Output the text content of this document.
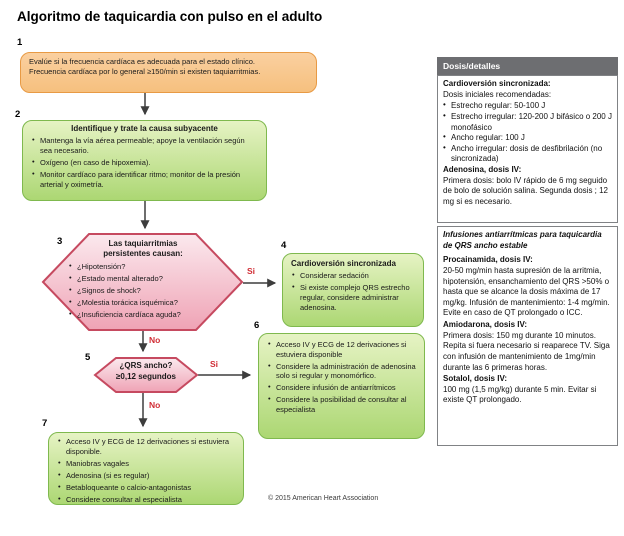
Algoritmo de taquicardia con pulso en el adulto
1
2
3	4
5
6
7
Evalúe si la frecuencia cardíaca es adecuada para el estado clínico.
Frecuencia cardíaca por lo general ≥150/min si existen taquiarritmias.
Identifique y trate la causa subyacente
• Mantenga la vía aérea permeable; apoye la ventilación según sea necesario.
• Oxígeno (en caso de hipoxemia).
• Monitor cardíaco para identificar ritmo; monitor de la presión arterial y oximetría.
Las taquiarritmias persistentes causan:
• ¿Hipotensión?
• ¿Estado mental alterado?
• ¿Signos de shock?
• ¿Molestia torácica isquémica?
• ¿Insuficiencia cardíaca aguda?
Cardioversión sincronizada
• Considerar sedación
• Si existe complejo QRS estrecho regular, considere administrar adenosina.
¿QRS ancho?
≥0,12 segundos
• Acceso IV y ECG de 12 derivaciones si estuviera disponible
• Considere la administración de adenosina solo si regular y monomórfico.
• Considere infusión de antiarrítmicos
• Considere la posibilidad de consultar al especialista
• Acceso IV y ECG de 12 derivaciones si estuviera disponible.
• Maniobras vagales
• Adenosina (si es regular)
• Betabloqueante o calcio-antagonistas
• Considere consultar al especialista
Si
No
Si
No
© 2015 American Heart Association
Dosis/detalles
Cardioversión sincronizada:
Dosis iniciales recomendadas:
• Estrecho regular: 50-100 J
• Estrecho irregular: 120-200 J bifásico o 200 J monofásico
• Ancho regular: 100 J
• Ancho irregular: dosis de desfibrilación (no sincronizada)
Adenosina, dosis IV:
Primera dosis: bolo IV rápido de 6 mg seguido de bolo de solución salina. Segunda dosis ; 12 mg si es necesario.
Infusiones antiarrítmicas para taquicardia de QRS ancho estable
Procainamida, dosis IV:
20-50 mg/min hasta supresión de la arritmia, hipotensión, ensanchamiento del QRS >50% o hasta que se alcance la dosis máxima de 17 mg/kg. Infusión de mantenimiento: 1-4 mg/min. Evite en caso de QT prolongado o ICC.
Amiodarona, dosis IV:
Primera dosis: 150 mg durante 10 minutos. Repita si fuera necesario si reaparece TV. Siga con infusión de mantenimiento de 1mg/min durante las 6 primeras horas.
Sotalol, dosis IV:
100 mg (1,5 mg/kg) durante 5 min. Evitar si existe QT prolongado.
